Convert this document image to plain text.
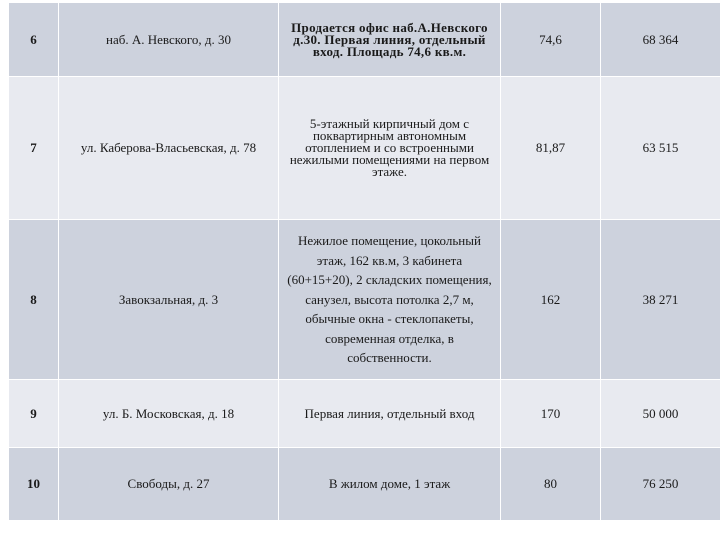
6	наб. А. Невского, д. 30	Продается офис наб.А.Невского д.30. Первая линия, отдельный вход. Площадь 74,6 кв.м.	74,6	68 364
7	ул. Каберова-Власьевская, д. 78	5-этажный кирпичный дом с поквартирным автономным отоплением и со встроенными нежилыми помещениями на первом этаже.	81,87	63 515
8	Завокзальная, д. 3	Нежилое помещение, цокольный этаж, 162 кв.м, 3 кабинета (60+15+20), 2 складских помещения, санузел, высота потолка 2,7 м, обычные окна - стеклопакеты, современная отделка, в собственности.	162	38 271
9	ул. Б. Московская, д. 18	Первая линия, отдельный вход	170	50 000
10	Свободы, д. 27	В жилом доме, 1 этаж	80	76 250
